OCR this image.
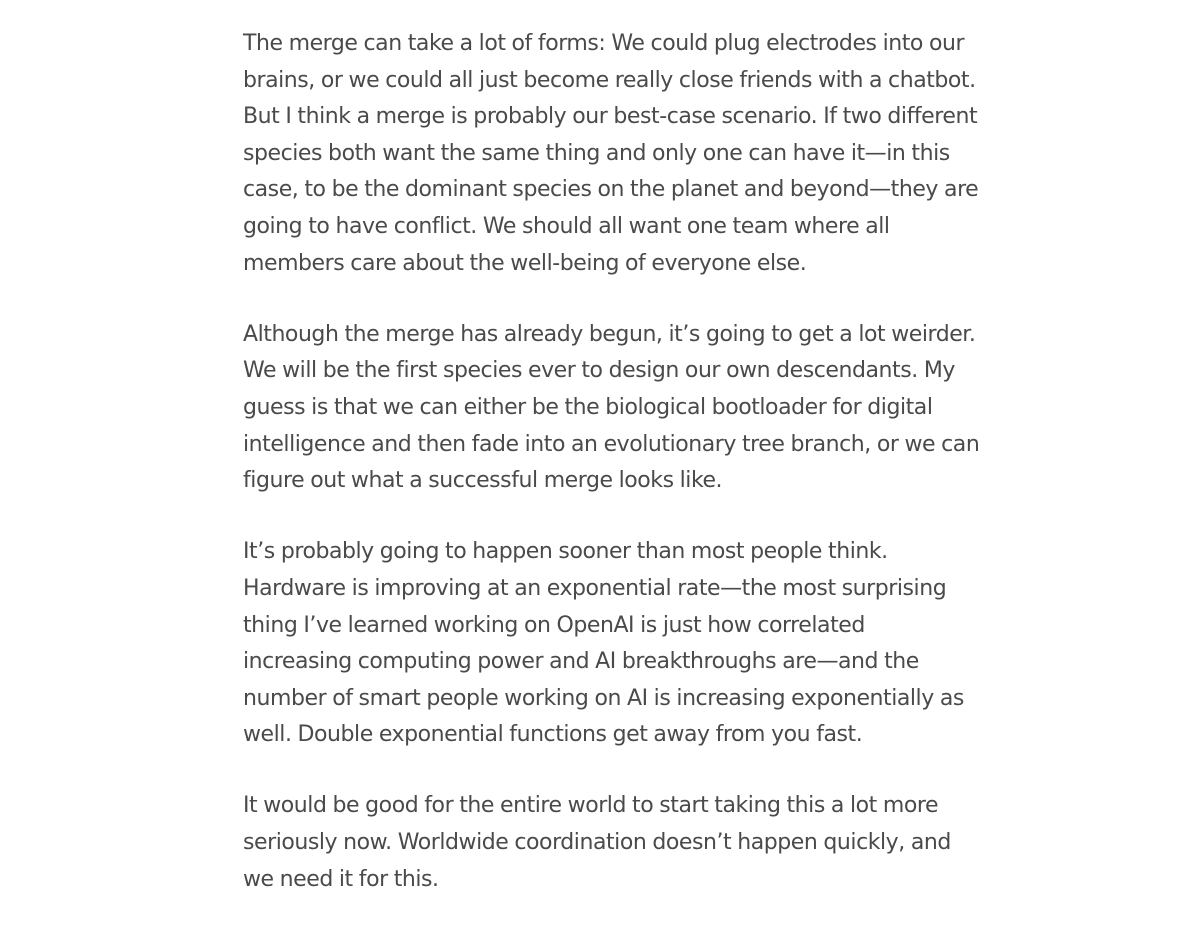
The merge can take a lot of forms: We could plug electrodes into our
brains, or we could all just become really close friends with a chatbot.
But I think a merge is probably our best-case scenario. If two different
species both want the same thing and only one can have it—in this
case, to be the dominant species on the planet and beyond—they are
going to have conflict. We should all want one team where all
members care about the well-being of everyone else.

Although the merge has already begun, it’s going to get a lot weirder.
We will be the first species ever to design our own descendants. My
guess is that we can either be the biological bootloader for digital
intelligence and then fade into an evolutionary tree branch, or we can
figure out what a successful merge looks like.

It’s probably going to happen sooner than most people think.
Hardware is improving at an exponential rate—the most surprising
thing I’ve learned working on OpenAI is just how correlated
increasing computing power and AI breakthroughs are—and the
number of smart people working on AI is increasing exponentially as
well. Double exponential functions get away from you fast.

It would be good for the entire world to start taking this a lot more
seriously now. Worldwide coordination doesn’t happen quickly, and
we need it for this.
